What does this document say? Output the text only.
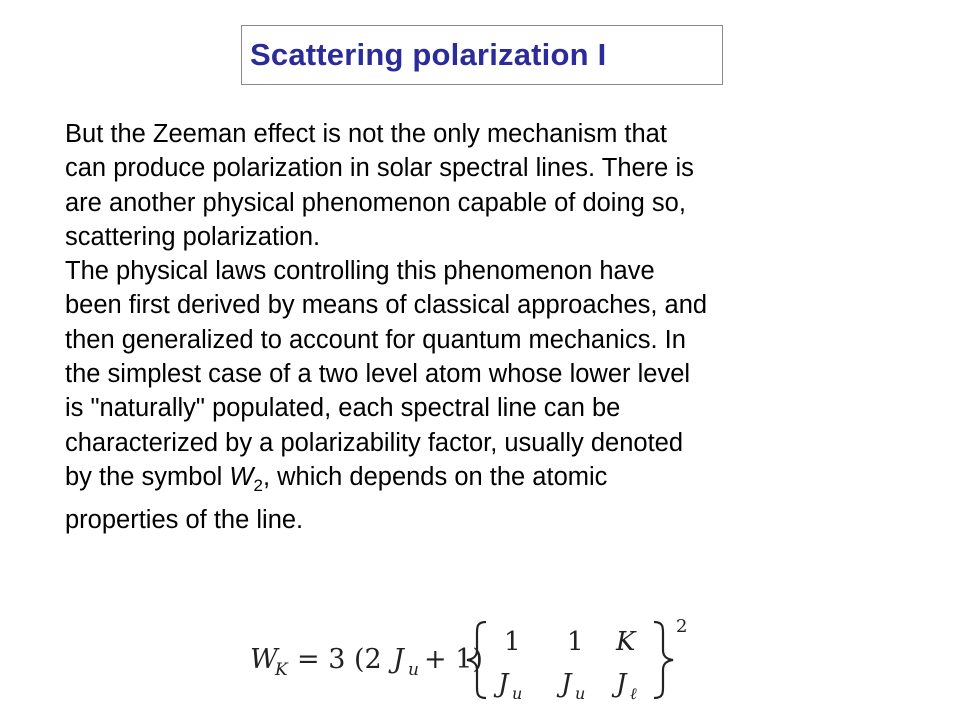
Scattering polarization I
But the Zeeman effect is not the only mechanism that
can produce polarization in solar spectral lines. There is
are another physical phenomenon capable of doing so,
scattering polarization.
The physical laws controlling this phenomenon have
been first derived by means of classical approaches, and
then generalized to account for quantum mechanics. In
the simplest case of a two level atom whose lower level
is "naturally" populated, each spectral line can be
characterized by a polarizability factor, usually denoted
by the symbol $W_2$, which depends on the atomic
properties of the line.
W
K = 3 (2 J u + 1)
1 1 K
J u J u J ℓ
2
